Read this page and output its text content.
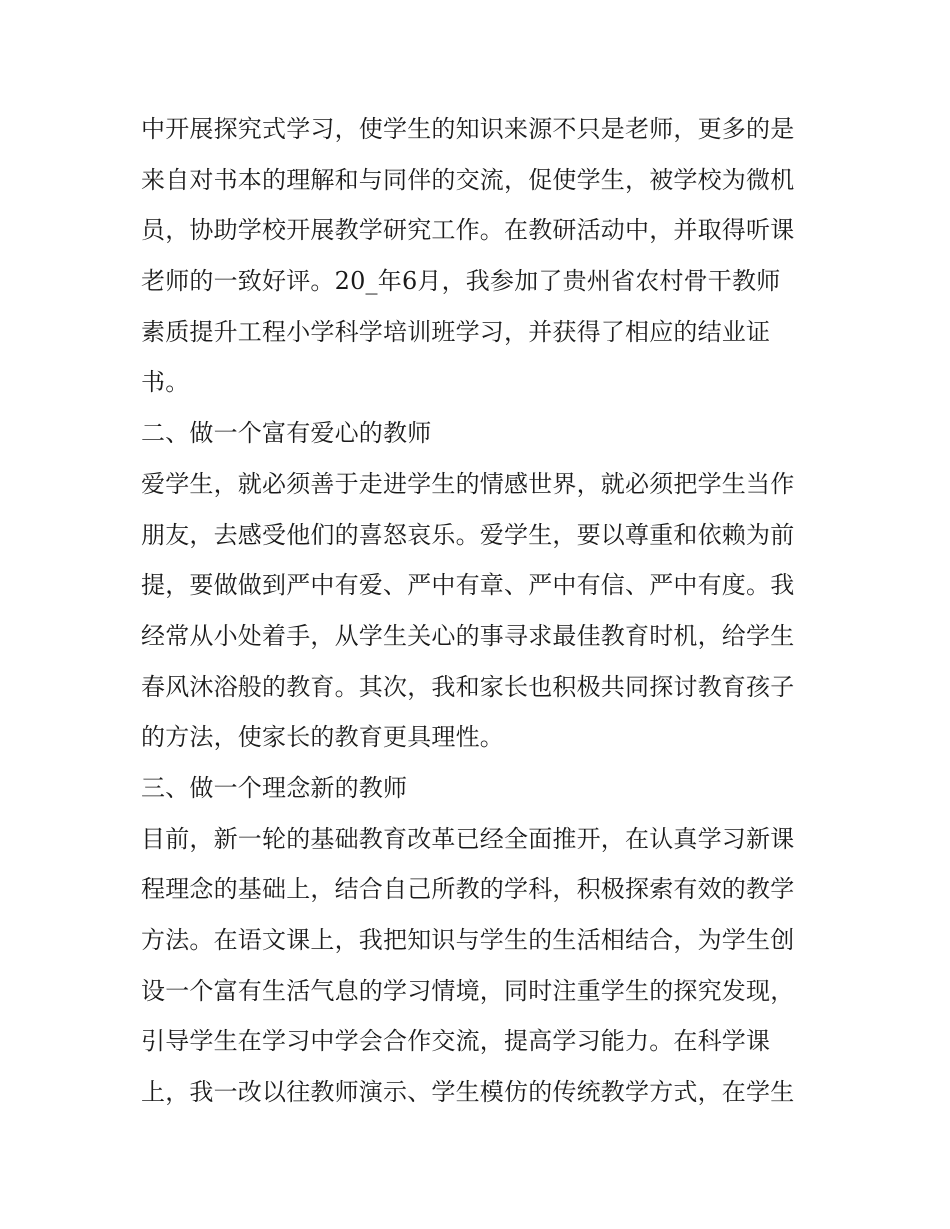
中开展探究式学习，使学生的知识来源不只是老师，更多的是
来自对书本的理解和与同伴的交流，促使学生，被学校为微机
员，协助学校开展教学研究工作。在教研活动中，并取得听课
老师的一致好评。20_年6月，我参加了贵州省农村骨干教师
素质提升工程小学科学培训班学习，并获得了相应的结业证
书。
二、做一个富有爱心的教师
爱学生，就必须善于走进学生的情感世界，就必须把学生当作
朋友，去感受他们的喜怒哀乐。爱学生，要以尊重和依赖为前
提，要做做到严中有爱、严中有章、严中有信、严中有度。我
经常从小处着手，从学生关心的事寻求最佳教育时机，给学生
春风沐浴般的教育。其次，我和家长也积极共同探讨教育孩子
的方法，使家长的教育更具理性。
三、做一个理念新的教师
目前，新一轮的基础教育改革已经全面推开，在认真学习新课
程理念的基础上，结合自己所教的学科，积极探索有效的教学
方法。在语文课上，我把知识与学生的生活相结合，为学生创
设一个富有生活气息的学习情境，同时注重学生的探究发现，
引导学生在学习中学会合作交流，提高学习能力。在科学课
上，我一改以往教师演示、学生模仿的传统教学方式，在学生
